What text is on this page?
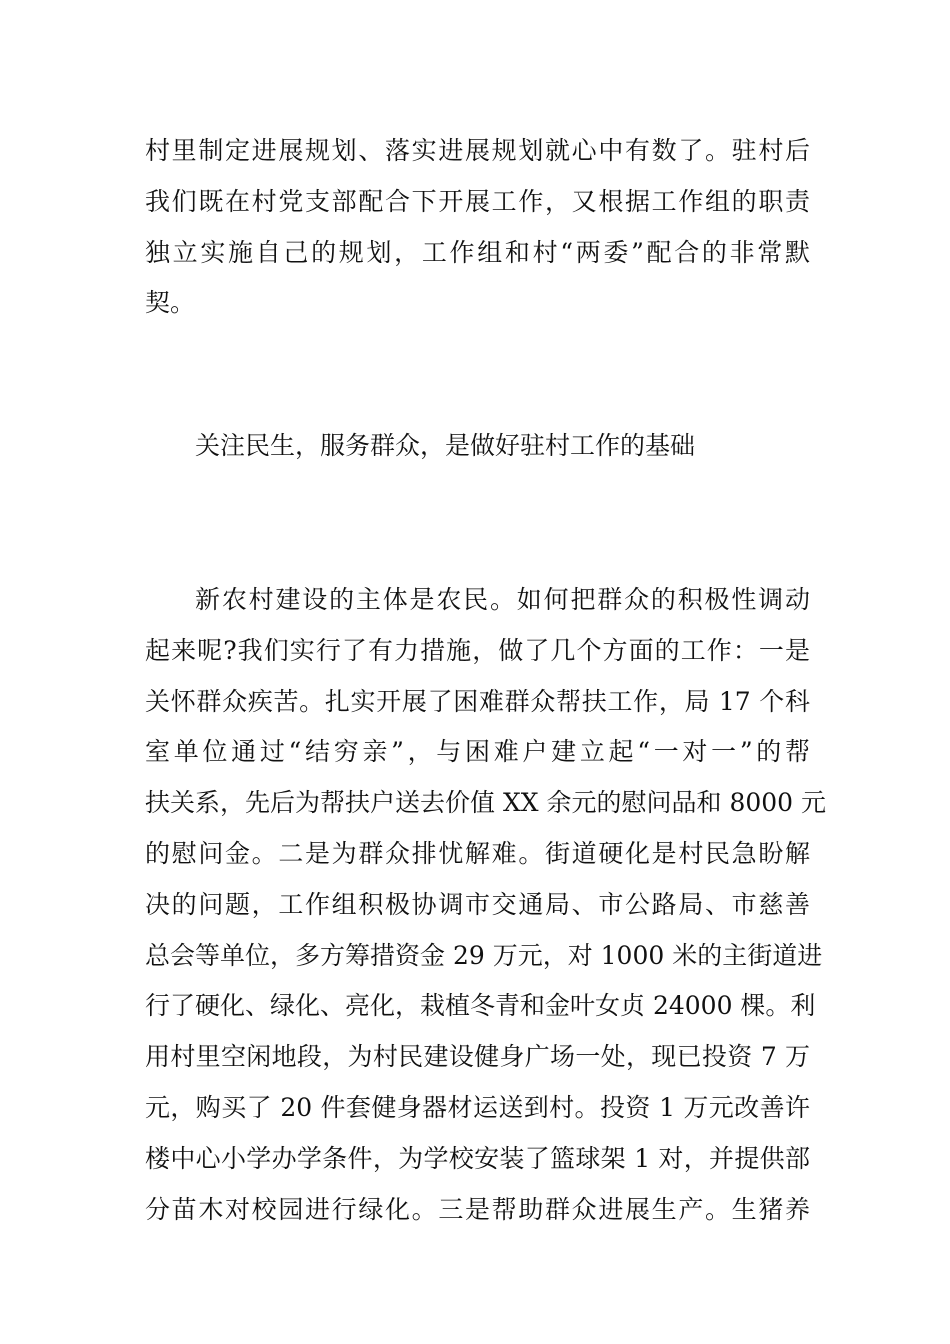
村里制定进展规划、落实进展规划就心中有数了。驻村后
我们既在村党支部配合下开展工作，又根据工作组的职责
独立实施自己的规划，工作组和村“两委”配合的非常默
契。
关注民生，服务群众，是做好驻村工作的基础
新农村建设的主体是农民。如何把群众的积极性调动
起来呢?我们实行了有力措施，做了几个方面的工作：一是
关怀群众疾苦。扎实开展了困难群众帮扶工作，局 17 个科
室单位通过“结穷亲”，与困难户建立起“一对一”的帮
扶关系，先后为帮扶户送去价值 XX 余元的慰问品和 8000 元
的慰问金。二是为群众排忧解难。街道硬化是村民急盼解
决的问题，工作组积极协调市交通局、市公路局、市慈善
总会等单位，多方筹措资金 29 万元，对 1000 米的主街道进
行了硬化、绿化、亮化，栽植冬青和金叶女贞 24000 棵。利
用村里空闲地段，为村民建设健身广场一处，现已投资 7 万
元，购买了 20 件套健身器材运送到村。投资 1 万元改善许
楼中心小学办学条件，为学校安装了篮球架 1 对，并提供部
分苗木对校园进行绿化。三是帮助群众进展生产。生猪养
